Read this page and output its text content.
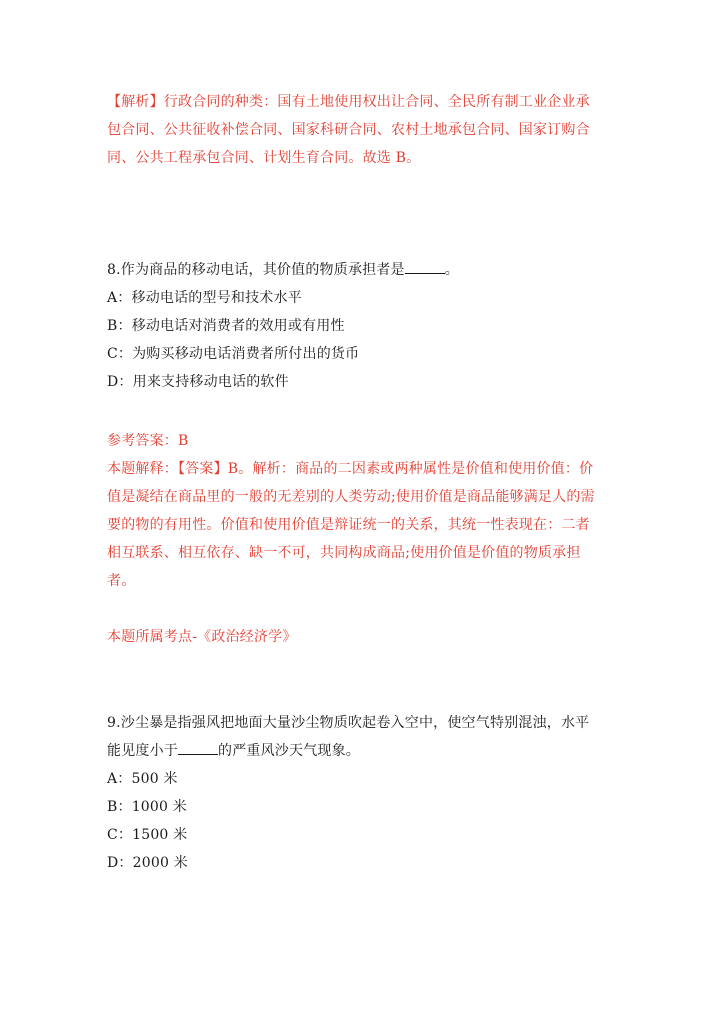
【解析】行政合同的种类：国有土地使用权出让合同、全民所有制工业企业承
包合同、公共征收补偿合同、国家科研合同、农村土地承包合同、国家订购合
同、公共工程承包合同、计划生育合同。故选 B。
8.作为商品的移动电话，其价值的物质承担者是	。
A：移动电话的型号和技术水平
B：移动电话对消费者的效用或有用性
C：为购买移动电话消费者所付出的货币
D：用来支持移动电话的软件
参考答案：B
本题解释：【答案】B。解析：商品的二因素或两种属性是价值和使用价值：价
值是凝结在商品里的一般的无差别的人类劳动;使用价值是商品能够满足人的需
要的物的有用性。价值和使用价值是辩证统一的关系，其统一性表现在：二者
相互联系、相互依存、缺一不可，共同构成商品;使用价值是价值的物质承担
者。
本题所属考点-《政治经济学》
9.沙尘暴是指强风把地面大量沙尘物质吹起卷入空中，使空气特别混浊，水平
能见度小于	的严重风沙天气现象。
A：500 米
B：1000 米
C：1500 米
D：2000 米
